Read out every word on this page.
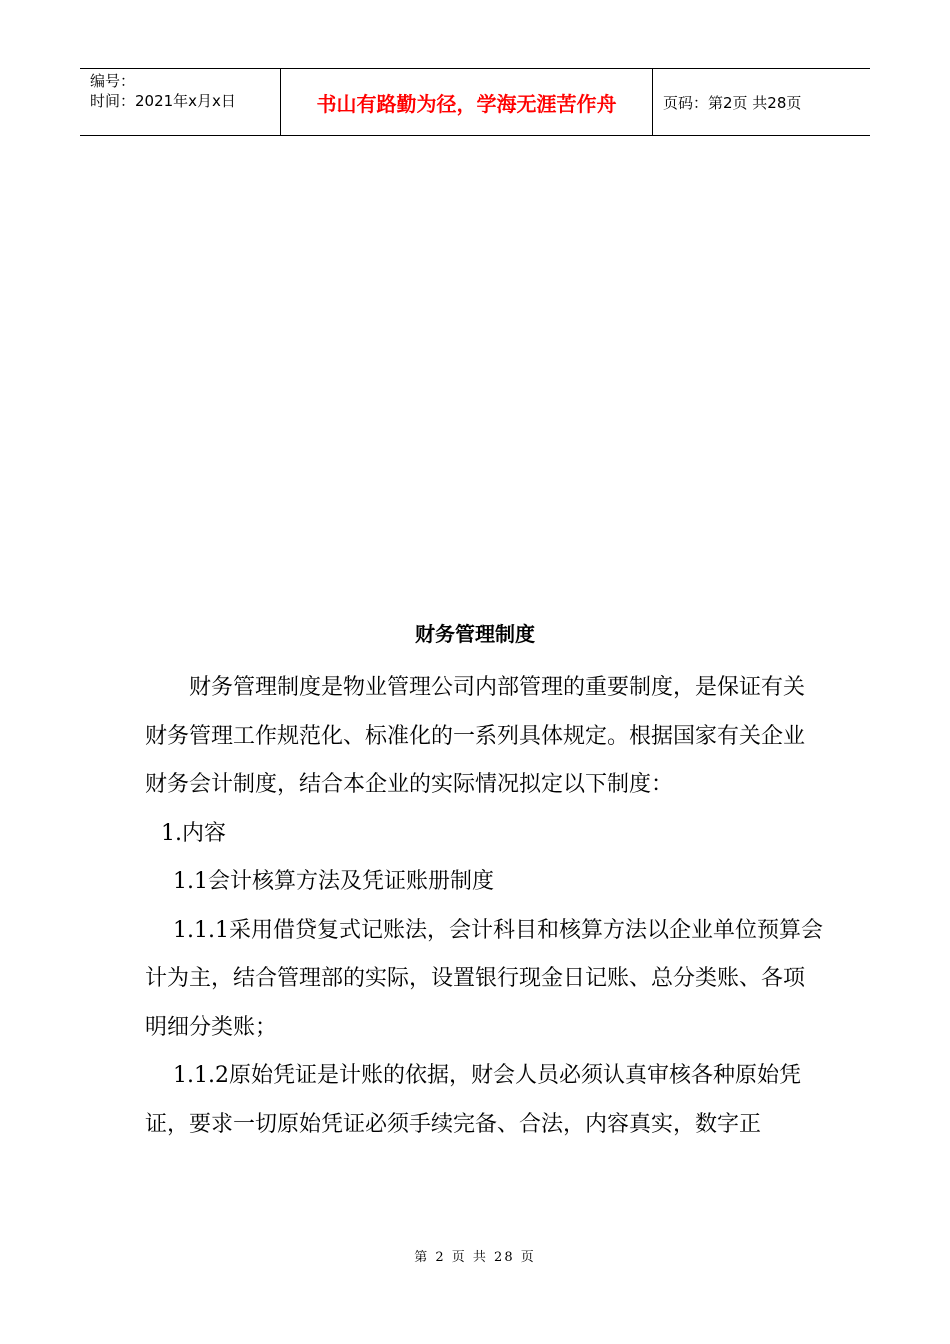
编号：
时间：2021年x月x日	书山有路勤为径，学海无涯苦作舟	页码：第2页 共28页
财务管理制度

财务管理制度是物业管理公司内部管理的重要制度，是保证有关财务管理工作规范化、标准化的一系列具体规定。根据国家有关企业财务会计制度，结合本企业的实际情况拟定以下制度：

1.内容

1.1会计核算方法及凭证账册制度

1.1.1采用借贷复式记账法，会计科目和核算方法以企业单位预算会计为主，结合管理部的实际，设置银行现金日记账、总分类账、各项明细分类账；

1.1.2原始凭证是计账的依据，财会人员必须认真审核各种原始凭证，要求一切原始凭证必须手续完备、合法，内容真实，数字正

第 2 页 共 28 页
